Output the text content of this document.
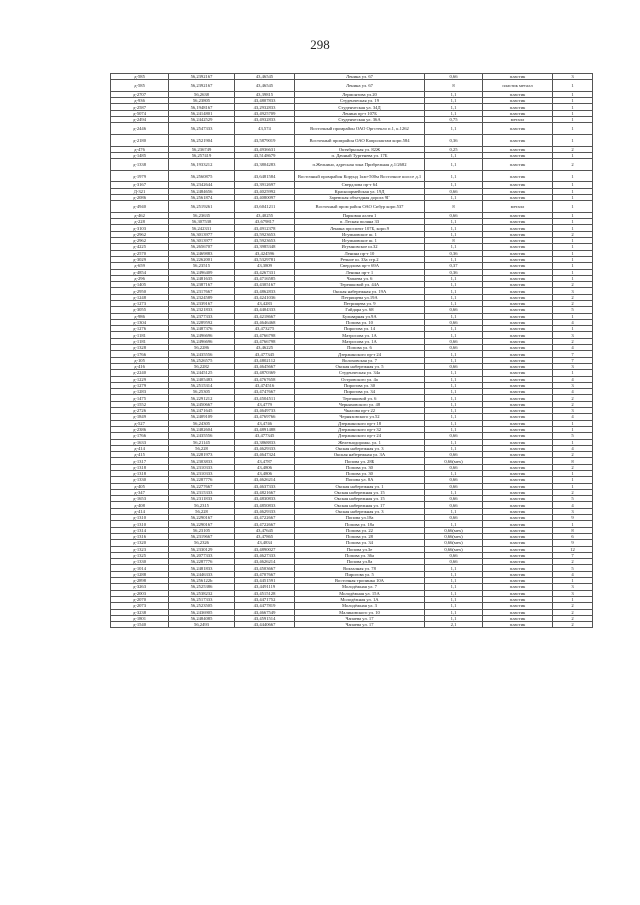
298
д-585	56,2392167	43,46545	Ленина ул. 67	0,66	пластик	3
д-585	56,2392167	43,46545	Ленина ул. 67	8	пластик металл	1
д-2707	56,2638	43,39815	Лермонтова ул.20	1,1	пластик	1
д-936	56,23805	43,4807833	Студенческая ул. 19	1,1	пластик	1
д-2587	56,1948167	43,2932833	Студенческая ул. 34Д	1,1	пластик	1
д-5074	56,2414801	43,4925709	Ленина пр-т 107Б	1,1	пластик	1
д-2494	56,2442529	43,4932833	Студенческая ул. 36А	0,75	металл	1
д-2446	56,2547333	43,574	Восточный промрайон ОАО Оргстекло п.1, к.1262	1,1	пластик	1
д-2180	56,2521904	43,5879019	Восточный промрайон ОАО Капролактам корп.584	0,36	пластик	1
д-476	56,236749	43,4936631	Октябрьская ул. 82Ж	0,25	пластик	2
д-1485	56,257419	43,5148679	п. Дачный Тургенева ул. 17Б	1,1	пластик	1
д-1338	56,1933212	43,3804283	п.Желнино, адресная зона Прибрежная д.1/2682	1,1	пластик	2
д-1979	56,2560875	43,6481584	Восточный промрайон Корунд 1км+500м Восточное шоссе д.1	1,1	пластик	1
д-3167	56,2342644	43,3912697	Свердлова пр-т 64	1,1	пластик	1
Д-321	56,2484656	43,4025992	Красноармейская ул. 19Д	0,66	пластик	1
д-2086	56,2561874	43,4080097	Заревская объездная дорога 9Г	1,1	пластик	1
д-4940	56,2519261	43,6041211	Восточный пром район ОАО Сибур корп.537	8	металл	1
д-462	56,23635	43,40255	Парковая аллея 1	0,66	пластик	1
д-228	56,307538	43,679817	п. Лесная поляна 33	1,1	пластик	1
д-3103	56,242331	43,4912378	Ленина проспект 107Б, корп.9	1,1	пластик	1
д-2962	56,3013977	43,5923653	Игумновское ш. 1	1,1	пластик	2
д-2962	56,3013977	43,5923653	Игумновское ш. 1	8	пластик	1
д-4225	56,2656707	43,3985348	Игумновское ш.32	1,1	пластик	1
д-2570	56,2469883	43,424596	Ленина пр-т 10	0,36	пластик	1
д-3029	56,2262001	43,5329781	Речное ш. 33а стр.2	1,1	пластик	1
д-659	56,23515	43,3809	Свердлова пр-т 69А	0,37	пластик	1
д-4854	56,2496409	43,4267331	Ленина пр-т 1	0,36	пластик	1
д-296	56,2481635	43,4716585	Чапаева ул. 6	1,1	пластик	1
д-1405	56,2387167	43,4305167	Терешковой ул. 44А	1,1	пластик	2
д-2950	56,2317667	43,4862833	Окская набережная ул. 19А	1,1	пластик	3
д-1248	56,2324589	43,4241036	Петрищева ул.19А	1,1	пластик	2
д-1273	56,2339167	43,4283	Петрищева ул. 9	1,1	пластик	2
д-3055	56,2321833	43,4404333	Гайдара ул. 68	0,66	пластик	5
д-986	56,2377333	43,4218667	Бульварная ул.9А	1,1	пластик	1
д-1304	56,2289592	43,4646468	Попова ул. 10	0,66	пластик	4
д-1276	56,2487376	43,473275	Пирогова ул. 14	1,1	пластик	1
д-1181	56,2496696	43,4766798	Матросова ул. 1А	1,1	пластик	3
д-1181	56,2496696	43,4766798	Матросова ул. 1А	0,66	пластик	2
д-1328	56,2286	43,46225	Попова ул. 6	0,66	пластик	4
д-1766	56,2435556	43,477345	Дзержинского пр-т 24	1,1	пластик	7
д-105	56,2526575	43,4802112	Волоховская ул. 7	1,1	пластик	7
д-416	56,2282	43,4645667	Окская набережная ул. 5	0,66	пластик	3
д-2240	56,2445125	43,4870369	Студенческая ул. 34а	1,1	пластик	1
д-1229	56,2405483	43,4767658	Островского ул. 4а	1,1	пластик	4
д-1279	56,2515314	43,474516	Пирогова ул. 30	1,1	пластик	3
д-1283	56,25305	43,4747667	Пирогова ул. 34	1,1	пластик	4
д-1475	56,2291212	43,4504511	Терешковой ул. 6	1,1	пластик	2
д-1552	56,2450667	43,4779	Черняховского ул. 48	1,1	пластик	2
д-2726	56,2471645	43,4649733	Чкалова пр-т 22	1,1	пластик	3
д-1849	56,2409109	43,4769766	Черняховского ул.52	1,1	пластик	4
д-527	56,24305	43,4746	Дзержинского пр-т 18	1,1	пластик	1
д-2386	56,2482604	43,4891488	Дзержинского пр-т 32	1,1	пластик	1
д-1766	56,2435556	43,477345	Дзержинского пр-т 24	0,66	пластик	5
д-1633	56,21145	43,3868833	Железнодорожн. ул. 1	1,1	пластик	1
д-414	56,228	43,4629333	Окская набережная ул. 3	1,1	пластик	4
д-415	56,2281973	43,4647324	Окская набережная ул. 3А	0,66	пластик	2
д-1317	56,2303833	43,4787	Попова ул. 28Б	0,66(мех)	пластик	8
д-1318	56,2310333	43,4806	Попова ул. 30	0,66	пластик	2
д-1318	56,2310333	43,4806	Попова ул. 30	1,1	пластик	1
д-1330	56,2287776	43,4626214	Попова ул. 8А	0,66	пластик	1
д-405	56,2277667	43,4637333	Окская набережная ул. 1	0,66	пластик	1
д-347	56,2315333	43,4821667	Окская набережная ул. 15	1,1	пластик	2
д-1653	56,2311833	43,4830833	Окская набережная ул. 15	0,66	пластик	5
д-408	56,2315	43,4850833	Окская набережная ул. 17	0,66	пластик	4
д-414	56,228	43,4629333	Окская набережная ул. 3	1,1	пластик	3
д-1310	56,2290167	43,4722667	Попова ул.18а	0,66	пластик	9
д-1310	56,2290167	43,4722667	Попова ул. 18а	1,1	пластик	1
д-1314	56,23105	43,47645	Попова ул. 22	0,66(мех)	пластик	8
д-1316	56,2319667	43,47865	Попова ул. 28	0,66(мех)	пластик	6
д-1320	56,2326	43,4834	Попова ул. 34	0,66(мех)	пластик	9
д-1323	56,2330129	43,4890027	Попова ул.3е	0,66(мех)	пластик	12
д-1325	56,2077333	43,4627333	Попова ул. 36а	0,66	пластик	7
д-1330	56,2287776	43,4626214	Попова ул.8а	0,66	пластик	2
д-1014	56,2481833	43,4503667	Вокзалная ул. 78	1,1	пластик	5
д-1288	56,2446333	43,4707667	Пирогова ул. 5	1,1	пластик	4
д-2898	56,256122b	43,4451591	Восточная тропинка 10А	1,1	пластик	1
д-3263	56,2525386	43,4491119	Молодёжная ул. 7	1,1	пластик	3
д-2003	56,2538232	43,4515128	Молодёжная ул. 15А	1,1	пластик	3
д-2070	56,2517333	43,4471752	Молодёжная ул. 1А	1,1	пластик	1
д-2073	56,2523505	43,4477819	Молодёжная ул. 3	1,1	пластик	2
д-3238	56,2436905	43,4667549	Малиновского ул. 10	1,1	пластик	2
д-1801	56,2484085	43,4591514	Чапаева ул. 17	1,1	пластик	2
д-1540	56,2493	43,4440667	Чапаева ул. 17	2,1	пластик	2
